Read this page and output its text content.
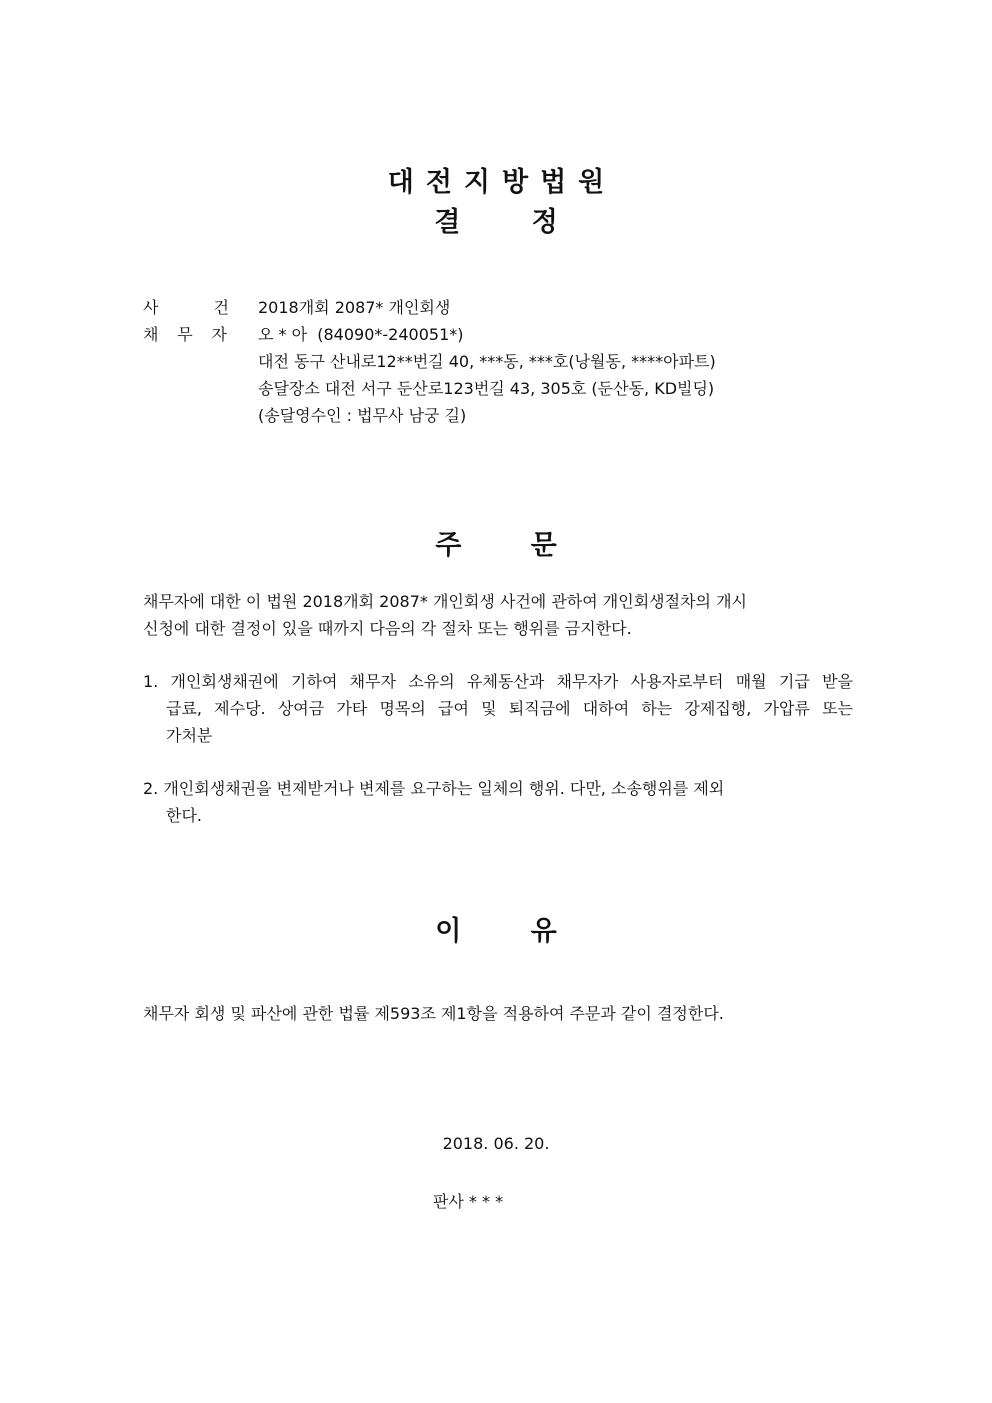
대전지방법원
결 정
사	건 2018개회 2087* 개인회생
채 무 자 오 * 아  (84090*-240051*)
대전 동구 산내로12**번길 40, ***동, ***호(낭월동, ****아파트)
송달장소 대전 서구 둔산로123번길 43, 305호 (둔산동, KD빌딩)
(송달영수인 : 법무사 남궁 길)
주 문
채무자에 대한 이 법원 2018개회 2087* 개인회생 사건에 관하여 개인회생절차의 개시
신청에 대한 결정이 있을 때까지 다음의 각 절차 또는 행위를 금지한다.
1. 개인회생채권에 기하여 채무자 소유의 유체동산과 채무자가 사용자로부터 매월 기급 받을
급료, 제수당. 상여금 가타 명목의 급여 및 퇴직금에 대하여 하는 강제집행, 가압류 또는
가처분
2. 개인회생채권을 변제받거나 변제를 요구하는 일체의 행위. 다만, 소송행위를 제외
한다.
이 유
채무자 회생 및 파산에 관한 법률 제593조 제1항을 적용하여 주문과 같이 결정한다.
2018. 06. 20.
판사 * * *
